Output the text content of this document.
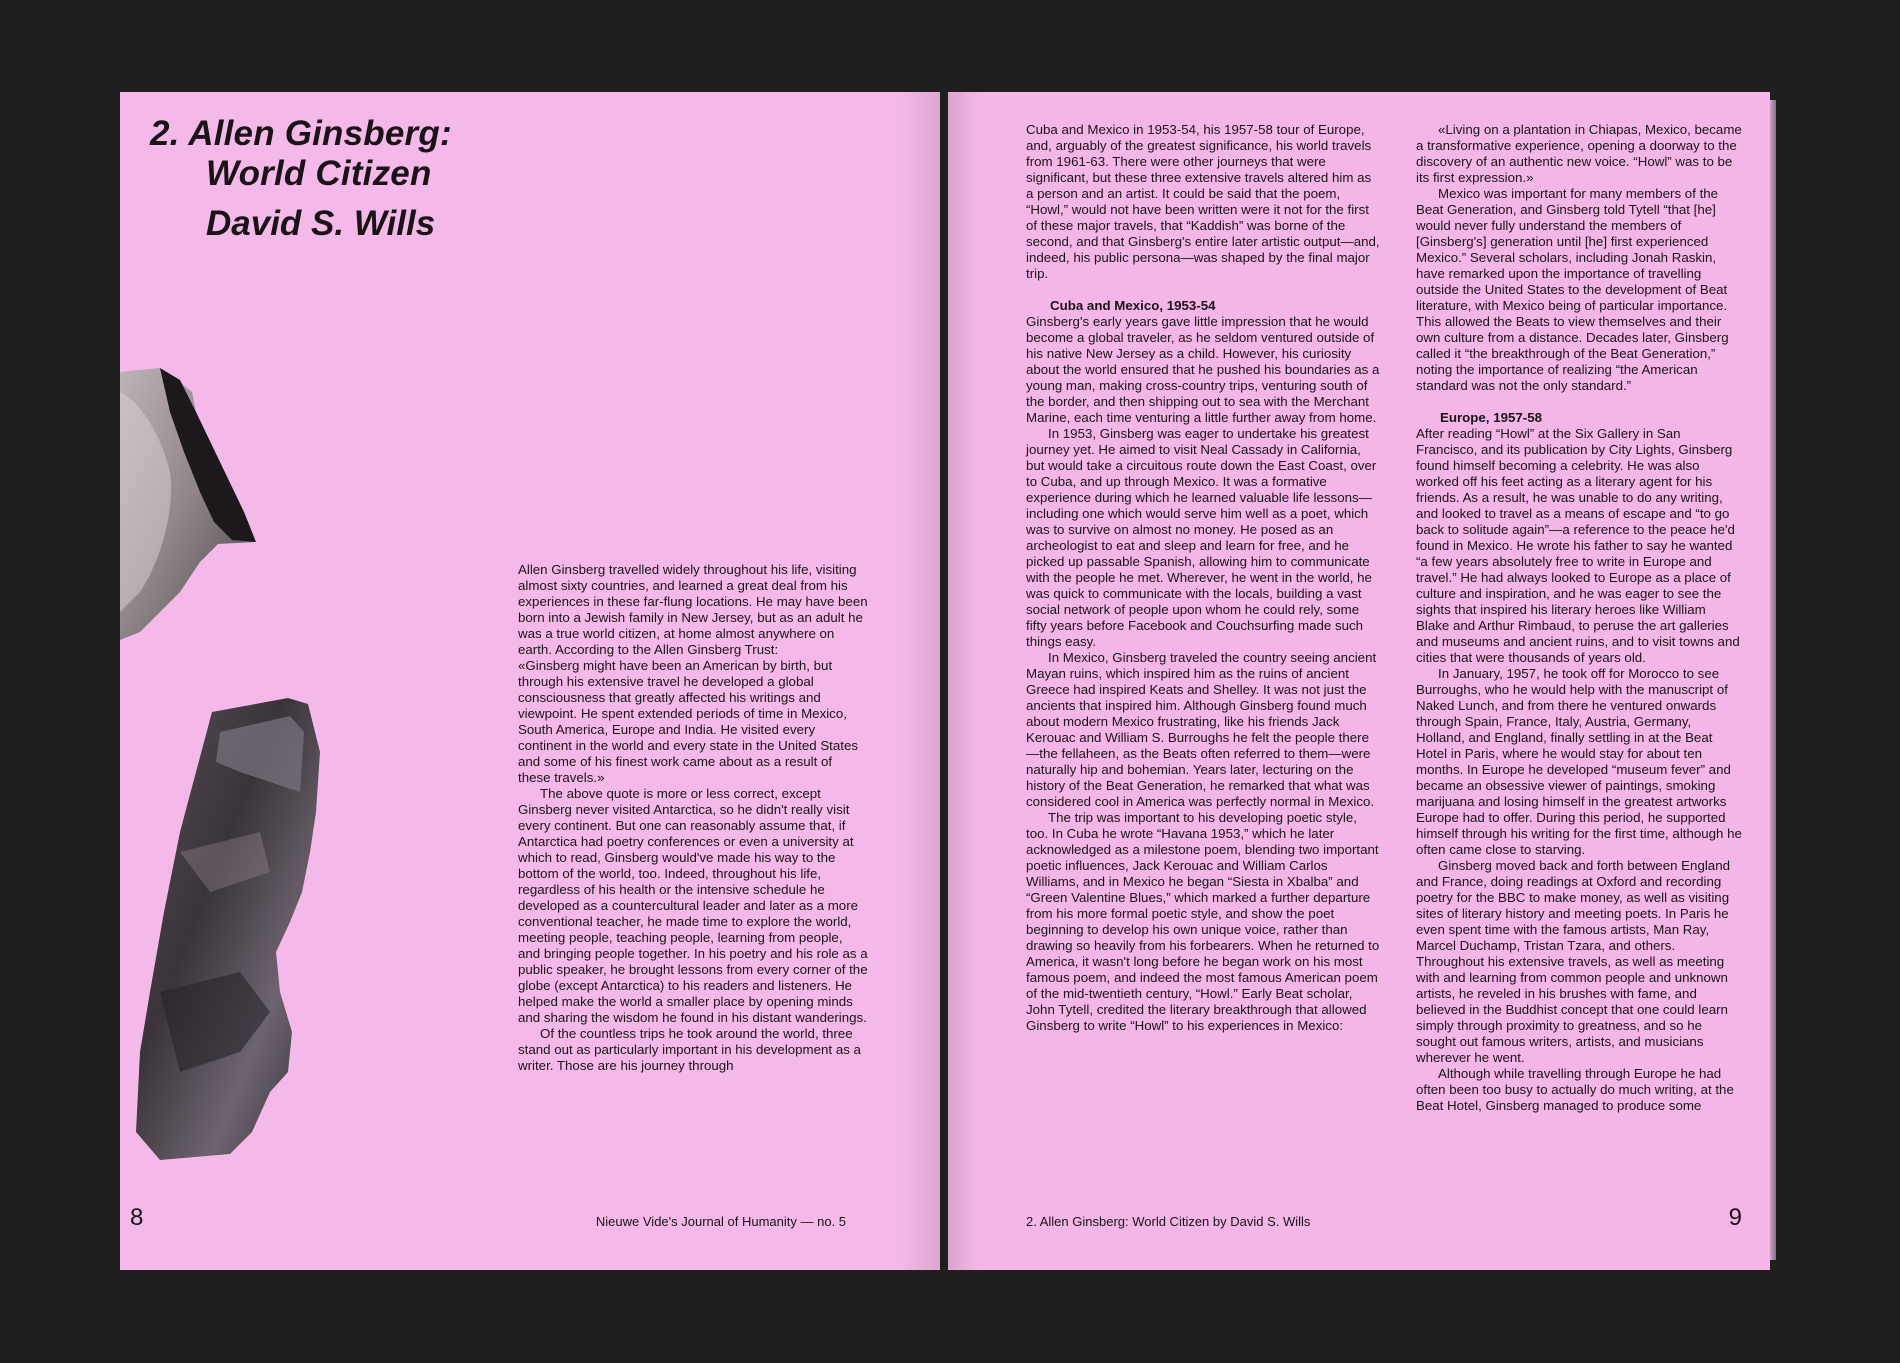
2. Allen Ginsberg:
World Citizen
David S. Wills

Allen Ginsberg travelled widely throughout his life, visiting almost sixty countries, and learned a great deal from his experiences in these far-flung locations. He may have been born into a Jewish family in New Jersey, but as an adult he was a true world citizen, at home almost anywhere on earth. According to the Allen Ginsberg Trust:

«Ginsberg might have been an American by birth, but through his extensive travel he developed a global consciousness that greatly affected his writings and viewpoint. He spent extended periods of time in Mexico, South America, Europe and India. He visited every continent in the world and every state in the United States and some of his finest work came about as a result of these travels.»

The above quote is more or less correct, except Ginsberg never visited Antarctica, so he didn't really visit every continent. But one can reasonably assume that, if Antarctica had poetry conferences or even a university at which to read, Ginsberg would've made his way to the bottom of the world, too. Indeed, throughout his life, regardless of his health or the intensive schedule he developed as a countercultural leader and later as a more conventional teacher, he made time to explore the world, meeting people, teaching people, learning from people, and bringing people together. In his poetry and his role as a public speaker, he brought lessons from every corner of the globe (except Antarctica) to his readers and listeners. He helped make the world a smaller place by opening minds and sharing the wisdom he found in his distant wanderings.

Of the countless trips he took around the world, three stand out as particularly important in his development as a writer. Those are his journey through

8	Nieuwe Vide's Journal of Humanity — no. 5

Cuba and Mexico in 1953-54, his 1957-58 tour of Europe, and, arguably of the greatest significance, his world travels from 1961-63. There were other journeys that were significant, but these three extensive travels altered him as a person and an artist. It could be said that the poem, “Howl,” would not have been written were it not for the first of these major travels, that “Kaddish” was borne of the second, and that Ginsberg's entire later artistic output—and, indeed, his public persona—was shaped by the final major trip.

Cuba and Mexico, 1953-54

Ginsberg's early years gave little impression that he would become a global traveler, as he seldom ventured outside of his native New Jersey as a child. However, his curiosity about the world ensured that he pushed his boundaries as a young man, making cross-country trips, venturing south of the border, and then shipping out to sea with the Merchant Marine, each time venturing a little further away from home.

In 1953, Ginsberg was eager to undertake his greatest journey yet. He aimed to visit Neal Cassady in California, but would take a circuitous route down the East Coast, over to Cuba, and up through Mexico. It was a formative experience during which he learned valuable life lessons—including one which would serve him well as a poet, which was to survive on almost no money. He posed as an archeologist to eat and sleep and learn for free, and he picked up passable Spanish, allowing him to communicate with the people he met. Wherever, he went in the world, he was quick to communicate with the locals, building a vast social network of people upon whom he could rely, some fifty years before Facebook and Couchsurfing made such things easy.

In Mexico, Ginsberg traveled the country seeing ancient Mayan ruins, which inspired him as the ruins of ancient Greece had inspired Keats and Shelley. It was not just the ancients that inspired him. Although Ginsberg found much about modern Mexico frustrating, like his friends Jack Kerouac and William S. Burroughs he felt the people there—the fellaheen, as the Beats often referred to them—were naturally hip and bohemian. Years later, lecturing on the history of the Beat Generation, he remarked that what was considered cool in America was perfectly normal in Mexico.

The trip was important to his developing poetic style, too. In Cuba he wrote “Havana 1953,” which he later acknowledged as a milestone poem, blending two important poetic influences, Jack Kerouac and William Carlos Williams, and in Mexico he began “Siesta in Xbalba” and “Green Valentine Blues,” which marked a further departure from his more formal poetic style, and show the poet beginning to develop his own unique voice, rather than drawing so heavily from his forbearers. When he returned to America, it wasn't long before he began work on his most famous poem, and indeed the most famous American poem of the mid-twentieth century, “Howl.” Early Beat scholar, John Tytell, credited the literary breakthrough that allowed Ginsberg to write “Howl” to his experiences in Mexico:

«Living on a plantation in Chiapas, Mexico, became a transformative experience, opening a doorway to the discovery of an authentic new voice. “Howl” was to be its first expression.»

Mexico was important for many members of the Beat Generation, and Ginsberg told Tytell “that [he] would never fully understand the members of [Ginsberg's] generation until [he] first experienced Mexico.” Several scholars, including Jonah Raskin, have remarked upon the importance of travelling outside the United States to the development of Beat literature, with Mexico being of particular importance. This allowed the Beats to view themselves and their own culture from a distance. Decades later, Ginsberg called it “the breakthrough of the Beat Generation,” noting the importance of realizing “the American standard was not the only standard.”

Europe, 1957-58

After reading “Howl” at the Six Gallery in San Francisco, and its publication by City Lights, Ginsberg found himself becoming a celebrity. He was also worked off his feet acting as a literary agent for his friends. As a result, he was unable to do any writing, and looked to travel as a means of escape and “to go back to solitude again”—a reference to the peace he'd found in Mexico. He wrote his father to say he wanted “a few years absolutely free to write in Europe and travel.” He had always looked to Europe as a place of culture and inspiration, and he was eager to see the sights that inspired his literary heroes like William Blake and Arthur Rimbaud, to peruse the art galleries and museums and ancient ruins, and to visit towns and cities that were thousands of years old.

In January, 1957, he took off for Morocco to see Burroughs, who he would help with the manuscript of Naked Lunch, and from there he ventured onwards through Spain, France, Italy, Austria, Germany, Holland, and England, finally settling in at the Beat Hotel in Paris, where he would stay for about ten months. In Europe he developed “museum fever” and became an obsessive viewer of paintings, smoking marijuana and losing himself in the greatest artworks Europe had to offer. During this period, he supported himself through his writing for the first time, although he often came close to starving.

Ginsberg moved back and forth between England and France, doing readings at Oxford and recording poetry for the BBC to make money, as well as visiting sites of literary history and meeting poets. In Paris he even spent time with the famous artists, Man Ray, Marcel Duchamp, Tristan Tzara, and others. Throughout his extensive travels, as well as meeting with and learning from common people and unknown artists, he reveled in his brushes with fame, and believed in the Buddhist concept that one could learn simply through proximity to greatness, and so he sought out famous writers, artists, and musicians wherever he went.

Although while travelling through Europe he had often been too busy to actually do much writing, at the Beat Hotel, Ginsberg managed to produce some

2. Allen Ginsberg: World Citizen by David S. Wills	9
